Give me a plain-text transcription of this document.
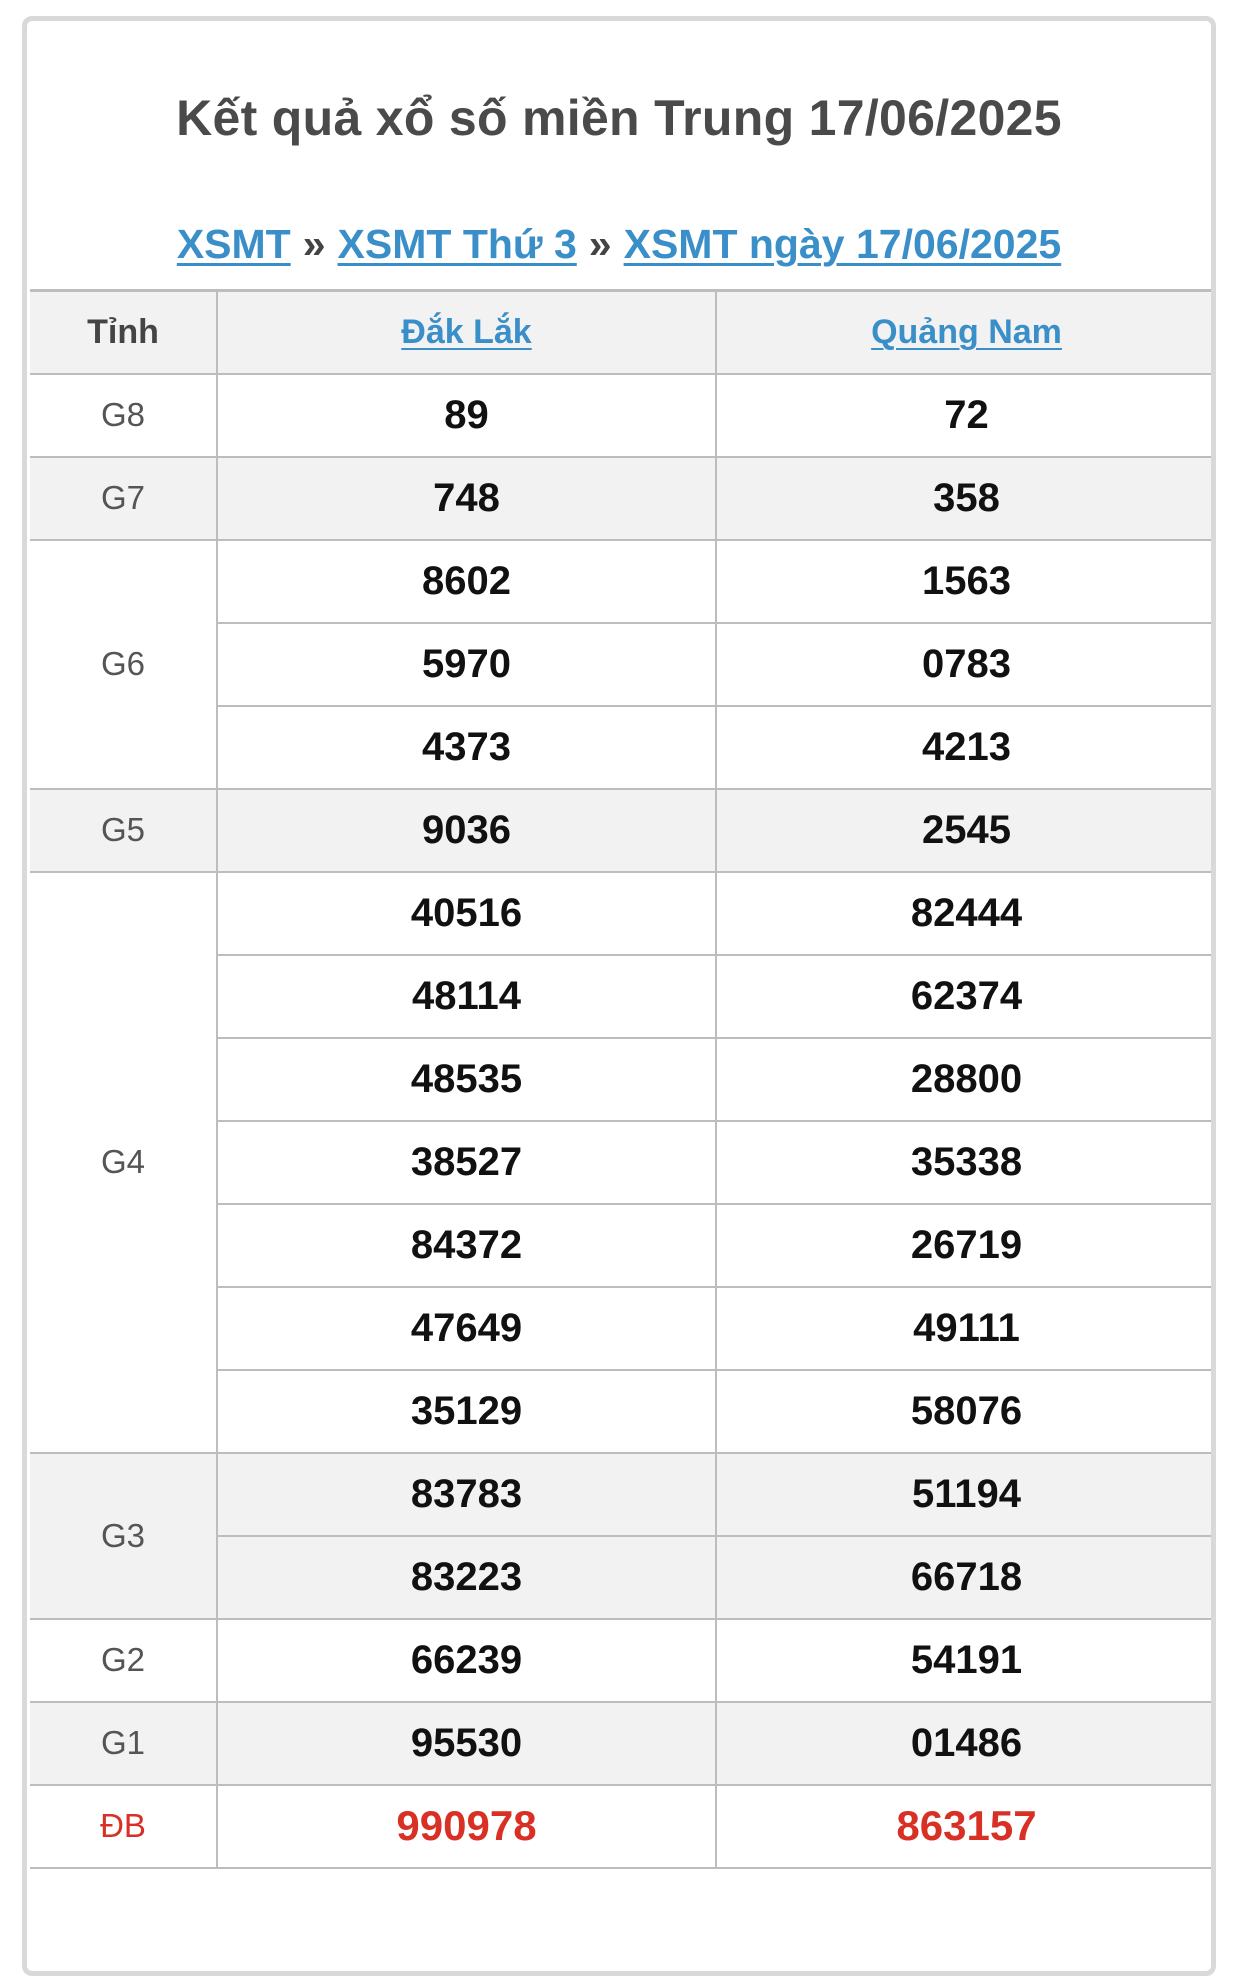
Kết quả xổ số miền Trung 17/06/2025
XSMT » XSMT Thứ 3 » XSMT ngày 17/06/2025
Tỉnh	Đắk Lắk	Quảng Nam
G8	89	72
G7	748	358
G6	8602	1563
	5970	0783
	4373	4213
G5	9036	2545
G4	40516	82444
	48114	62374
	48535	28800
	38527	35338
	84372	26719
	47649	49111
	35129	58076
G3	83783	51194
	83223	66718
G2	66239	54191
G1	95530	01486
ĐB	990978	863157
